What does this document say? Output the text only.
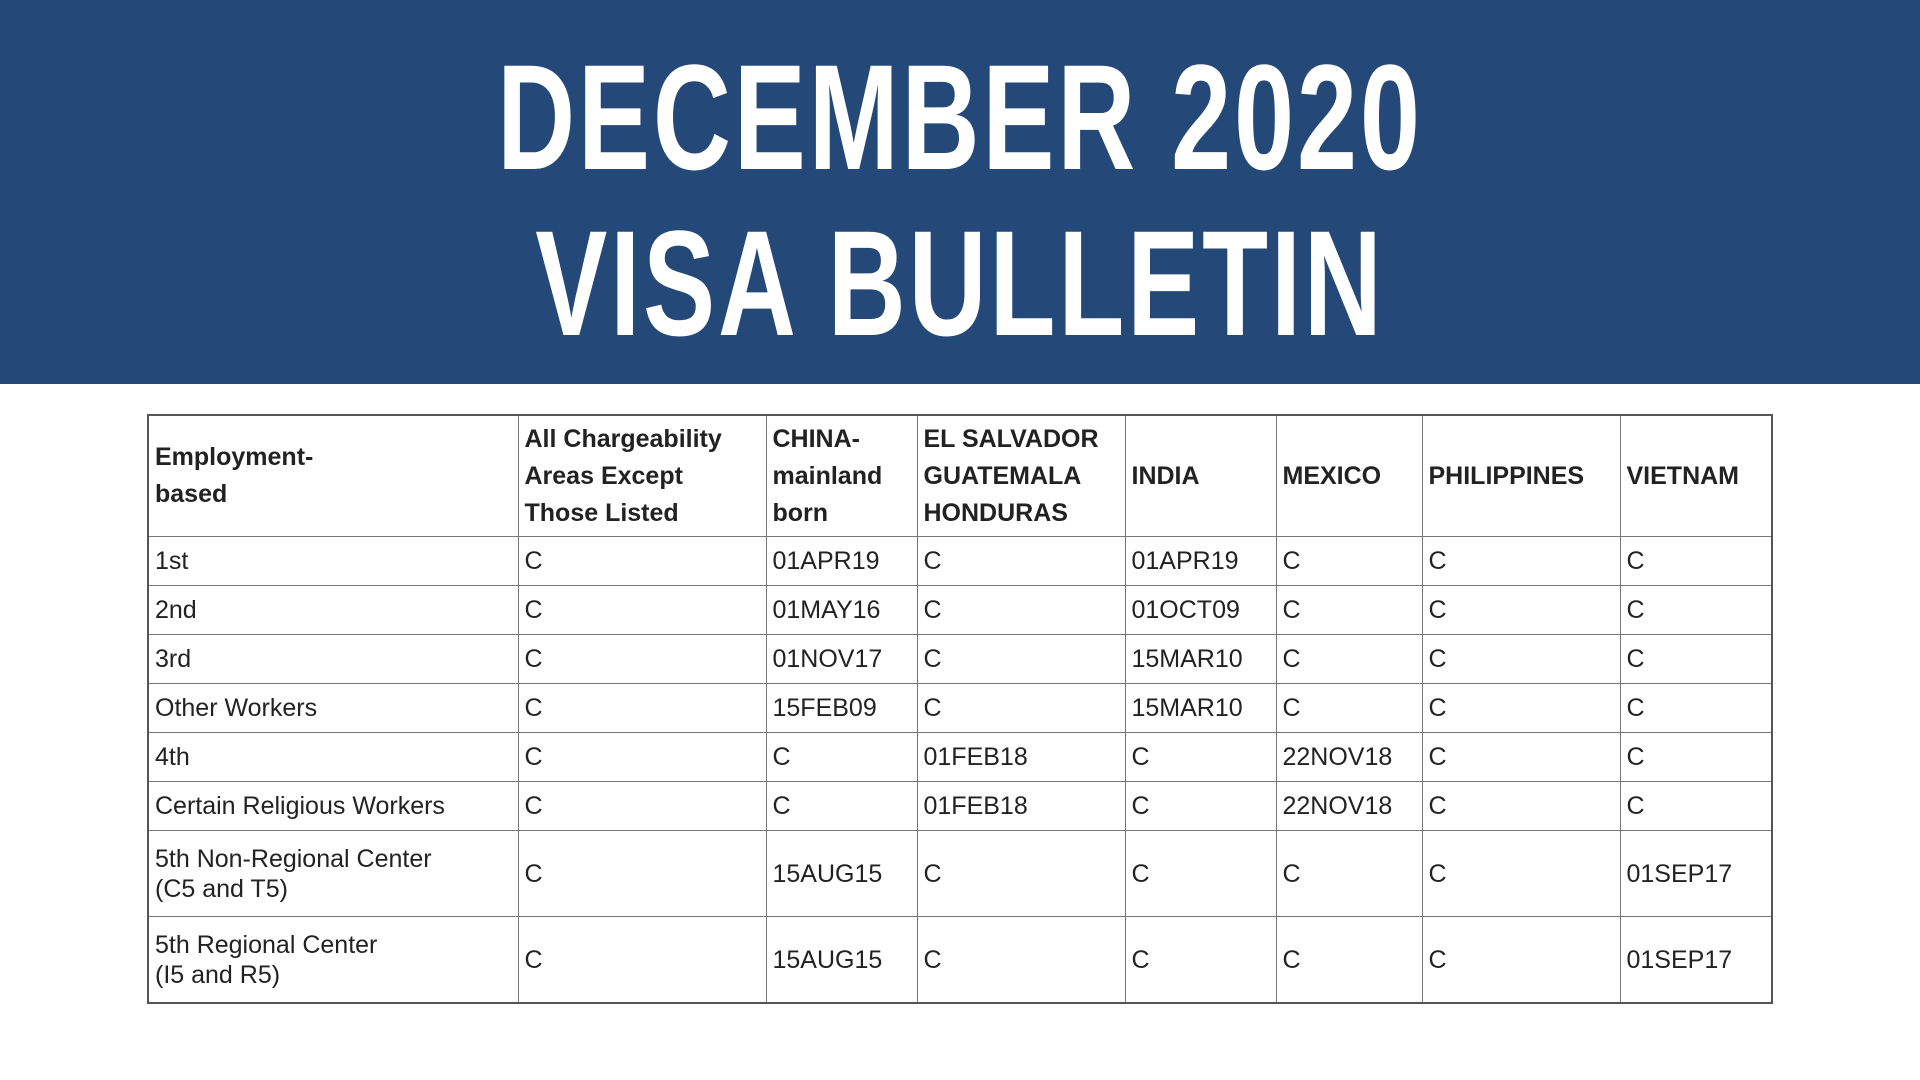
DECEMBER 2020
VISA BULLETIN
Employment-
based	All Chargeability
Areas Except
Those Listed	CHINA-
mainland
born	EL SALVADOR
GUATEMALA
HONDURAS	INDIA	MEXICO	PHILIPPINES	VIETNAM
1st	C	01APR19	C	01APR19	C	C	C
2nd	C	01MAY16	C	01OCT09	C	C	C
3rd	C	01NOV17	C	15MAR10	C	C	C
Other Workers	C	15FEB09	C	15MAR10	C	C	C
4th	C	C	01FEB18	C	22NOV18	C	C
Certain Religious Workers	C	C	01FEB18	C	22NOV18	C	C
5th Non-Regional Center
(C5 and T5)	C	15AUG15	C	C	C	C	01SEP17
5th Regional Center
(I5 and R5)	C	15AUG15	C	C	C	C	01SEP17
